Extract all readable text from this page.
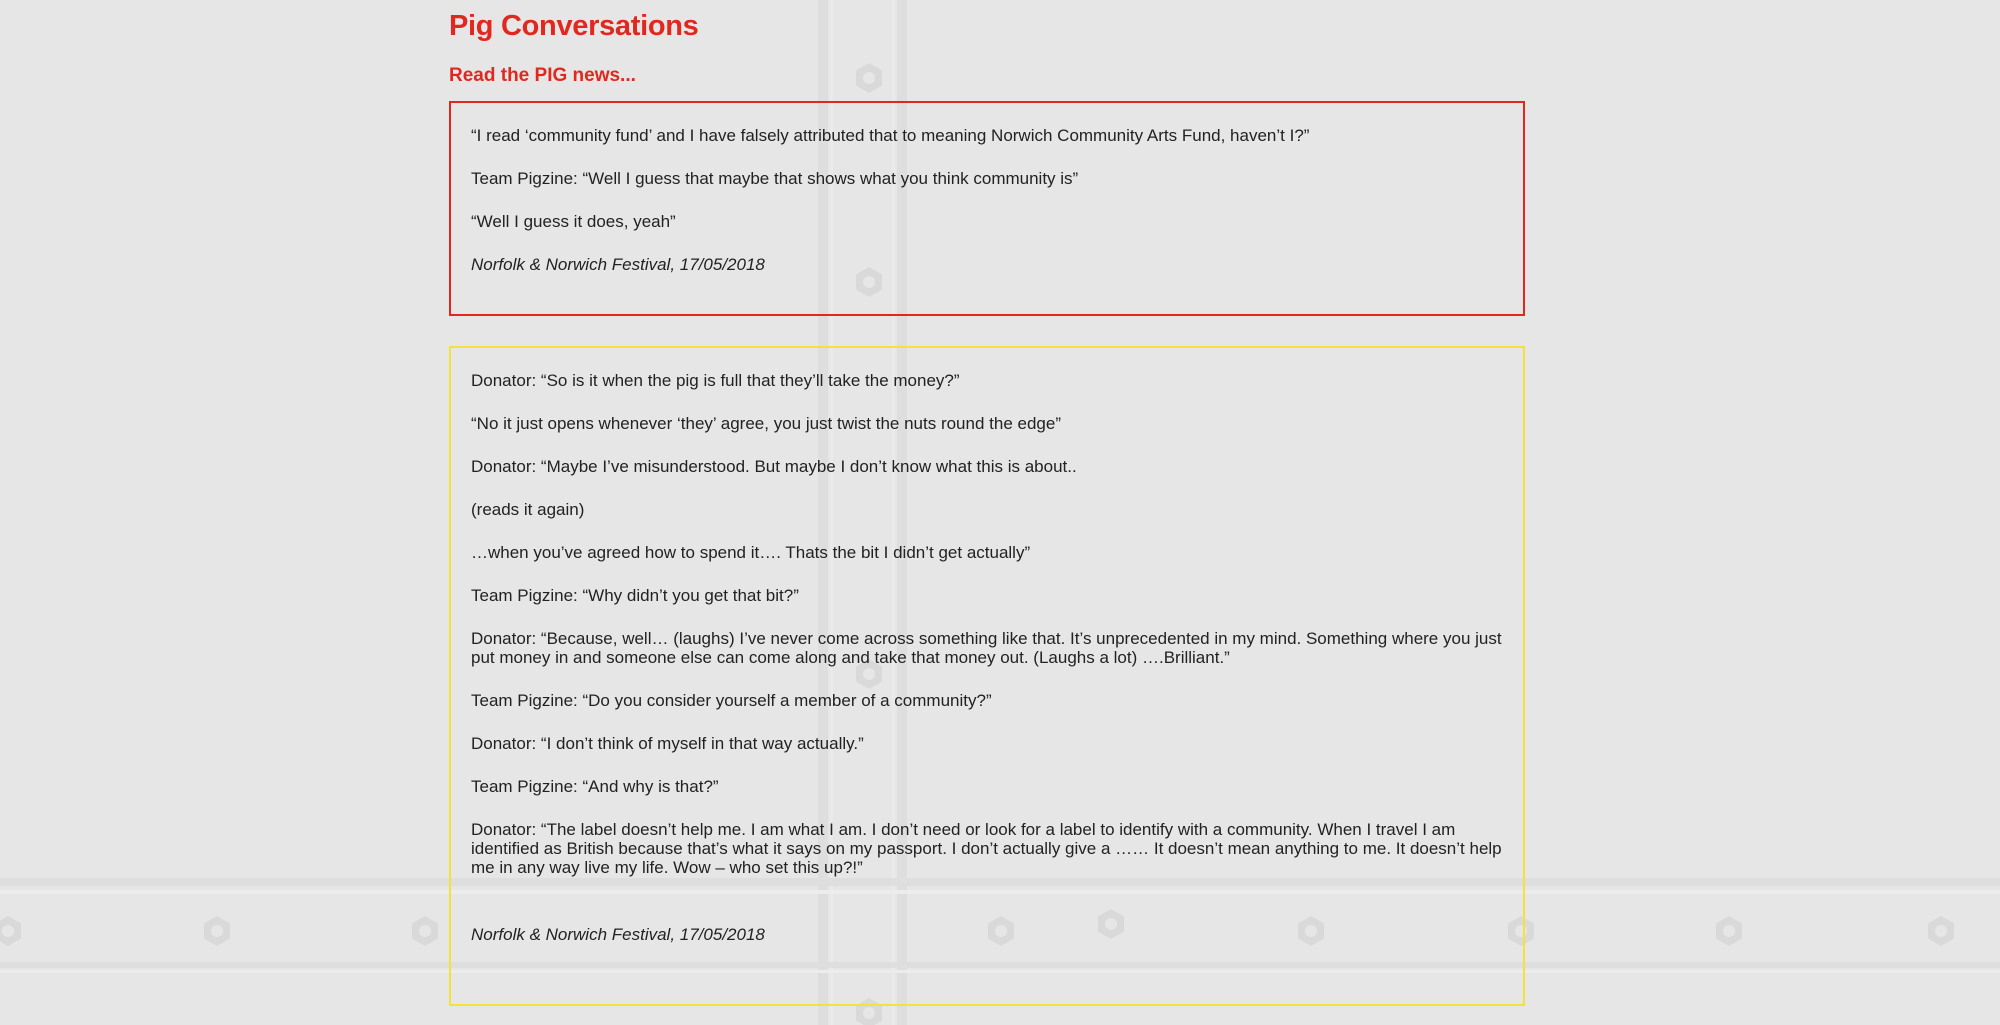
Pig Conversations
Read the PIG news...

“I read ‘community fund’ and I have falsely attributed that to meaning Norwich Community Arts Fund, haven’t I?”

Team Pigzine: “Well I guess that maybe that shows what you think community is”

“Well I guess it does, yeah”

Norfolk & Norwich Festival, 17/05/2018

Donator: “So is it when the pig is full that they’ll take the money?”

“No it just opens whenever ‘they’ agree, you just twist the nuts round the edge”

Donator: “Maybe I’ve misunderstood. But maybe I don’t know what this is about..

(reads it again)

…when you’ve agreed how to spend it…. Thats the bit I didn’t get actually”

Team Pigzine: “Why didn’t you get that bit?”

Donator: “Because, well… (laughs) I’ve never come across something like that. It’s unprecedented in my mind. Something where you just put money in and someone else can come along and take that money out. (Laughs a lot) ….Brilliant.”

Team Pigzine: “Do you consider yourself a member of a community?”

Donator: “I don’t think of myself in that way actually.”

Team Pigzine: “And why is that?”

Donator: “The label doesn’t help me. I am what I am. I don’t need or look for a label to identify with a community. When I travel I am identified as British because that’s what it says on my passport. I don’t actually give a …… It doesn’t mean anything to me. It doesn’t help me in any way live my life. Wow – who set this up?!”

Norfolk & Norwich Festival, 17/05/2018
